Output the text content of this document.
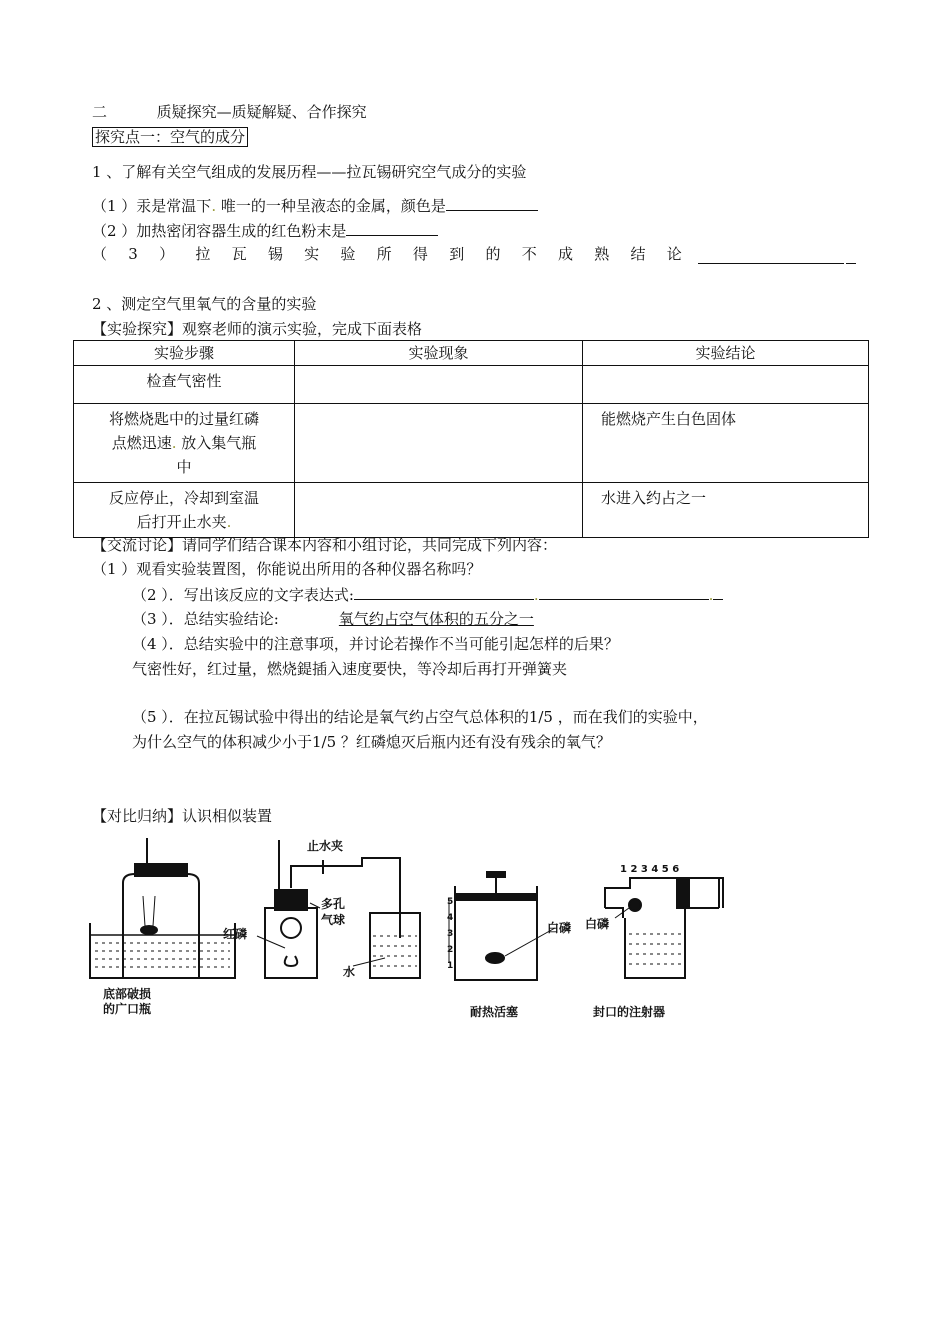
二	质疑探究—质疑解疑、合作探究
探究点一：空气的成分
1 、了解有关空气组成的发展历程——拉瓦锡研究空气成分的实验
（1 ）汞是常温下. 唯一的一种呈液态的金属，颜色是
（2 ）加热密闭容器生成的红色粉末是
（ 3 ） 拉 瓦 锡 实 验 所 得 到 的 不 成 熟 结 论
2 、测定空气里氧气的含量的实验
【实验探究】观察老师的演示实验，完成下面表格
实验步骤	实验现象	实验结论
检查气密性		
将燃烧匙中的过量红磷
点燃迅速. 放入集气瓶
中		能燃烧产生白色固体
反应停止，冷却到室温
后打开止水夹.		水进入约占之一
【交流讨论】请同学们结合课本内容和小组讨论，共同完成下列内容：
（1 ）观看实验装置图，你能说出所用的各种仪器名称吗？
（2 ）．写出该反应的文字表达式:	.	.
（3 ）．总结实验结论:	氧气约占空气体积的五分之一
（4 ）．总结实验中的注意事项，并讨论若操作不当可能引起怎样的后果？
气密性好，红过量，燃烧鍉插入速度要快，等冷却后再打开弹簧夹
（5 ）．在拉瓦锡试验中得出的结论是氧气约占空气总体积的1/5 ，而在我们的实验中，
为什么空气的体积减少小于1/5 ？红磷熄灭后瓶内还有没有残余的氧气？
【对比归纳】认识相似装置
底部破损
的广口瓶
止水夹
红磷
多孔
气球
水
5
4
3
2
1
白磷
耐热活塞
1 2 3 4 5 6
白磷
封口的注射器
